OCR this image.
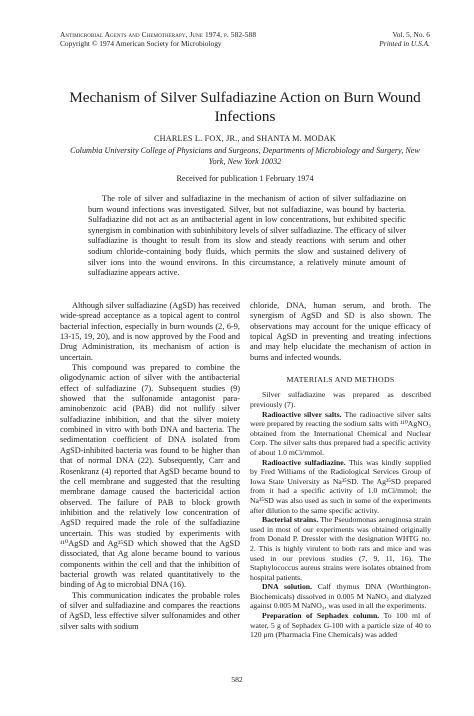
Antimicrobial Agents and Chemotherapy, June 1974, p. 582-588
Copyright © 1974 American Society for Microbiology
Vol. 5, No. 6
Printed in U.S.A.
Mechanism of Silver Sulfadiazine Action on Burn Wound Infections
CHARLES L. FOX, JR., and SHANTA M. MODAK
Columbia University College of Physicians and Surgeons, Departments of Microbiology and Surgery, New York, New York 10032
Received for publication 1 February 1974

The role of silver and sulfadiazine in the mechanism of action of silver sulfadiazine on burn wound infections was investigated. Silver, but not sulfadiazine, was bound by bacteria. Sulfadiazine did not act as an antibacterial agent in low concentrations, but exhibited specific synergism in combination with subinhibitory levels of silver sulfadiazine. The efficacy of silver sulfadiazine is thought to result from its slow and steady reactions with serum and other sodium chloride-containing body fluids, which permits the slow and sustained delivery of silver ions into the wound environs. In this circumstance, a relatively minute amount of sulfadiazine appears active.

Although silver sulfadiazine (AgSD) has received wide-spread acceptance as a topical agent to control bacterial infection, especially in burn wounds (2, 6-9, 13-15, 19, 20), and is now approved by the Food and Drug Administration, its mechanism of action is uncertain.

This compound was prepared to combine the oligodynamic action of silver with the antibacterial effect of sulfadiazine (7). Subsequent studies (9) showed that the sulfonamide antagonist para-aminobenzoic acid (PAB) did not nullify silver sulfadiazine inhibition, and that the silver moiety combined in vitro with both DNA and bacteria. The sedimentation coefficient of DNA isolated from AgSD-inhibited bacteria was found to be higher than that of normal DNA (22). Subsequently, Carr and Rosenkranz (4) reported that AgSD became bound to the cell membrane and suggested that the resulting membrane damage caused the bactericidal action observed. The failure of PAB to block growth inhibition and the relatively low concentration of AgSD required made the role of the sulfadiazine uncertain. This was studied by experiments with ¹¹⁰AgSD and Ag³⁵SD which showed that the AgSD dissociated, that Ag alone became bound to various components within the cell and that the inhibition of bacterial growth was related quantitatively to the binding of Ag to microbial DNA (16).

This communication indicates the probable roles of silver and sulfadiazine and compares the reactions of AgSD, less effective silver sulfonamides and other silver salts with sodium

chloride, DNA, human serum, and broth. The synergism of AgSD and SD is also shown. The observations may account for the unique efficacy of topical AgSD in preventing and treating infections and may help elucidate the mechanism of action in burns and infected wounds.

MATERIALS AND METHODS

Silver sulfadiazine was prepared as described previously (7).

Radioactive silver salts. The radioactive silver salts were prepared by reacting the sodium salts with ¹¹⁰AgNO₃ obtained from the International Chemical and Nuclear Corp. The silver salts thus prepared had a specific activity of about 1.0 mCi/mmol.

Radioactive sulfadiazine. This was kindly supplied by Fred Williams of the Radiological Services Group of Iowa State University as Na³⁵SD. The Ag³⁵SD prepared from it had a specific activity of 1.0 mCi/mmol; the Na³⁵SD was also used as such in some of the experiments after dilution to the same specific activity.

Bacterial strains. The Pseudomonas aeruginosa strain used in most of our experiments was obtained originally from Donald P. Dressler with the designation WHTG no. 2. This is highly virulent to both rats and mice and was used in our previous studies (7, 9, 11, 16). The Staphylococcus aureus strains were isolates obtained from hospital patients.

DNA solution. Calf thymus DNA (Worthington-Biochemicals) dissolved in 0.005 M NaNO₃ and dialyzed against 0.005 M NaNO₃, was used in all the experiments.

Preparation of Sephadex column. To 100 ml of water, 5 g of Sephadex G-100 with a particle size of 40 to 120 μm (Pharmacia Fine Chemicals) was added

582
